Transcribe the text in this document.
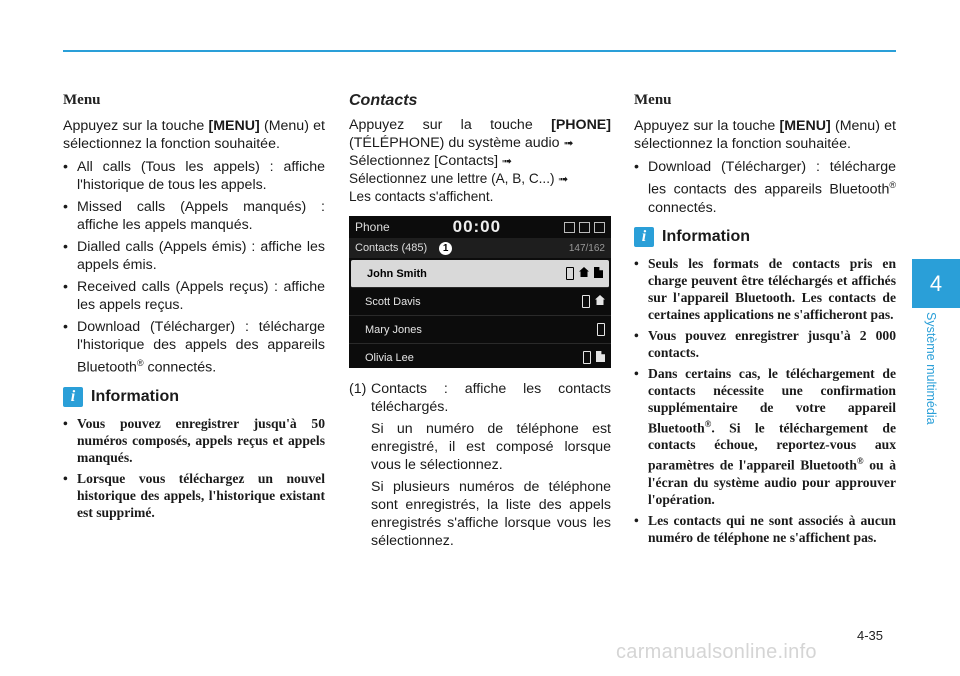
Menu

Appuyez sur la touche [MENU] (Menu) et sélectionnez la fonction souhaitée.

• All calls (Tous les appels) : affiche l'historique de tous les appels.
• Missed calls (Appels manqués) : affiche les appels manqués.
• Dialled calls (Appels émis) : affiche les appels émis.
• Received calls (Appels reçus) : affiche les appels reçus.
• Download (Télécharger) : télécharge l'historique des appels des appareils Bluetooth® connectés.
i Information
• Vous pouvez enregistrer jusqu'à 50 numéros composés, appels reçus et appels manqués.
• Lorsque vous téléchargez un nouvel historique des appels, l'historique existant est supprimé.
Contacts

Appuyez sur la touche [PHONE] (TÉLÉPHONE) du système audio ➟
Sélectionnez [Contacts] ➟
Sélectionnez une lettre (A, B, C...) ➟
Les contacts s'affichent.

Phone	00:00
Contacts (485)	1	147/162
John Smith
Scott Davis
Mary Jones
Olivia Lee
(1) Contacts : affiche les contacts téléchargés.

Si un numéro de téléphone est enregistré, il est composé lorsque vous le sélectionnez.

Si plusieurs numéros de téléphone sont enregistrés, la liste des appels enregistrés s'affiche lorsque vous les sélectionnez.

Menu

Appuyez sur la touche [MENU] (Menu) et sélectionnez la fonction souhaitée.

• Download (Télécharger) : télécharge les contacts des appareils Bluetooth® connectés.
i Information
• Seuls les formats de contacts pris en charge peuvent être téléchargés et affichés sur l'appareil Bluetooth. Les contacts de certaines applications ne s'afficheront pas.
• Vous pouvez enregistrer jusqu'à 2 000 contacts.
• Dans certains cas, le téléchargement de contacts nécessite une confirmation supplémentaire de votre appareil Bluetooth®. Si le téléchargement de contacts échoue, reportez-vous aux paramètres de l'appareil Bluetooth® ou à l'écran du système audio pour approuver l'opération.
• Les contacts qui ne sont associés à aucun numéro de téléphone ne s'affichent pas.
4
Système multimédia
4-35
carmanualsonline.info
